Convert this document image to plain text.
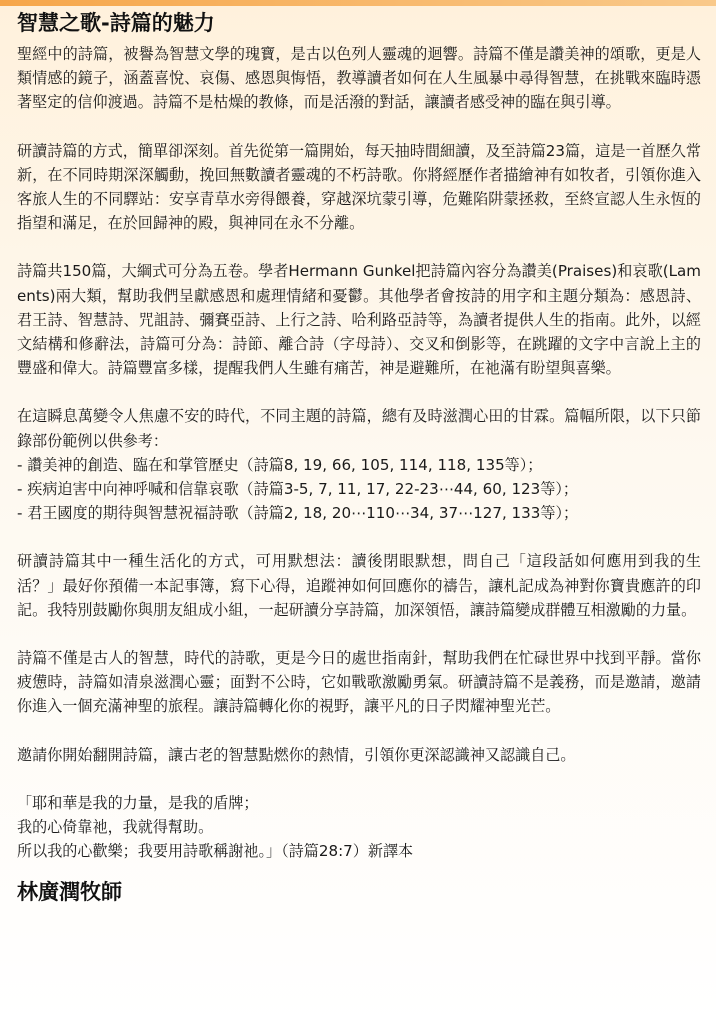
智慧之歌-詩篇的魅力

聖經中的詩篇，被譽為智慧文學的瑰寶，是古以色列人靈魂的迴響。詩篇不僅是讚美神的頌歌，更是人類情感的鏡子，涵蓋喜悅、哀傷、感恩與悔悟，教導讀者如何在人生風暴中尋得智慧，在挑戰來臨時憑著堅定的信仰渡過。詩篇不是枯燥的教條，而是活潑的對話，讓讀者感受神的臨在與引導。

研讀詩篇的方式，簡單卻深刻。首先從第一篇開始，每天抽時間細讀，及至詩篇23篇，這是一首歷久常新，在不同時期深深觸動，挽回無數讀者靈魂的不朽詩歌。你將經歷作者描繪神有如牧者，引領你進入客旅人生的不同驛站：安享青草水旁得餵養，穿越深坑蒙引導，危難陷阱蒙拯救，至終宣認人生永恆的指望和滿足，在於回歸神的殿，與神同在永不分離。

詩篇共150篇，大綱式可分為五卷。學者Hermann Gunkel把詩篇內容分為讚美(Praises)和哀歌(Laments)兩大類，幫助我們呈獻感恩和處理情緒和憂鬱。其他學者會按詩的用字和主題分類為：感恩詩、君王詩、智慧詩、咒詛詩、彌賽亞詩、上行之詩、哈利路亞詩等，為讀者提供人生的指南。此外，以經文結構和修辭法，詩篇可分為：詩節、離合詩（字母詩）、交叉和倒影等，在跳躍的文字中言說上主的豐盛和偉大。詩篇豐富多樣，提醒我們人生雖有痛苦，神是避難所，在祂滿有盼望與喜樂。

在這瞬息萬變令人焦慮不安的時代，不同主題的詩篇，總有及時滋潤心田的甘霖。篇幅所限，以下只節錄部份範例以供參考：

- 讚美神的創造、臨在和掌管歷史（詩篇8, 19, 66, 105, 114, 118, 135等）；
- 疾病迫害中向神呼喊和信靠哀歌（詩篇3-5, 7, 11, 17, 22-23⋯44, 60, 123等）；
- 君王國度的期待與智慧祝福詩歌（詩篇2, 18, 20⋯110⋯34, 37⋯127, 133等）；

研讀詩篇其中一種生活化的方式，可用默想法：讀後閉眼默想，問自己「這段話如何應用到我的生活？」最好你預備一本記事簿，寫下心得，追蹤神如何回應你的禱告，讓札記成為神對你寶貴應許的印記。我特別鼓勵你與朋友組成小組，一起研讀分享詩篇，加深領悟，讓詩篇變成群體互相激勵的力量。

詩篇不僅是古人的智慧，時代的詩歌，更是今日的處世指南針，幫助我們在忙碌世界中找到平靜。當你疲憊時，詩篇如清泉滋潤心靈；面對不公時，它如戰歌激勵勇氣。研讀詩篇不是義務，而是邀請，邀請你進入一個充滿神聖的旅程。讓詩篇轉化你的視野，讓平凡的日子閃耀神聖光芒。

邀請你開始翻開詩篇，讓古老的智慧點燃你的熱情，引領你更深認識神又認識自己。

「耶和華是我的力量，是我的盾牌；
我的心倚靠祂，我就得幫助。
所以我的心歡樂；我要用詩歌稱謝祂。」（詩篇28:7）新譯本
林廣潤牧師
